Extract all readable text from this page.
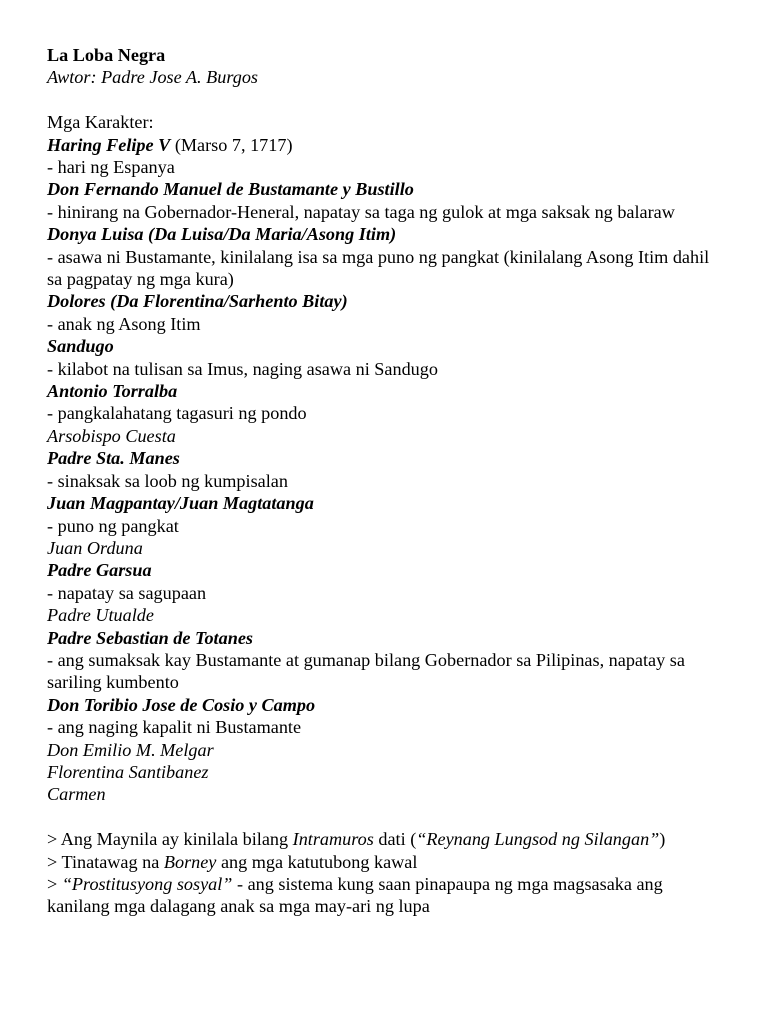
La Loba Negra

Awtor: Padre Jose A. Burgos

Mga Karakter:

Haring Felipe V (Marso 7, 1717)

- hari ng Espanya

Don Fernando Manuel de Bustamante y Bustillo

- hinirang na Gobernador-Heneral, napatay sa taga ng gulok at mga saksak ng balaraw

Donya Luisa (Da Luisa/Da Maria/Asong Itim)

- asawa ni Bustamante, kinilalang isa sa mga puno ng pangkat (kinilalang Asong Itim dahil sa pagpatay ng mga kura)

Dolores (Da Florentina/Sarhento Bitay)

- anak ng Asong Itim

Sandugo

- kilabot na tulisan sa Imus, naging asawa ni Sandugo

Antonio Torralba

- pangkalahatang tagasuri ng pondo

Arsobispo Cuesta

Padre Sta. Manes

- sinaksak sa loob ng kumpisalan

Juan Magpantay/Juan Magtatanga

- puno ng pangkat

Juan Orduna

Padre Garsua

- napatay sa sagupaan

Padre Utualde

Padre Sebastian de Totanes

- ang sumaksak kay Bustamante at gumanap bilang Gobernador sa Pilipinas, napatay sa sariling kumbento

Don Toribio Jose de Cosio y Campo

- ang naging kapalit ni Bustamante

Don Emilio M. Melgar

Florentina Santibanez

Carmen

> Ang Maynila ay kinilala bilang Intramuros dati (“Reynang Lungsod ng Silangan”)

> Tinatawag na Borney ang mga katutubong kawal

> “Prostitusyong sosyal” - ang sistema kung saan pinapaupa ng mga magsasaka ang kanilang mga dalagang anak sa mga may-ari ng lupa
